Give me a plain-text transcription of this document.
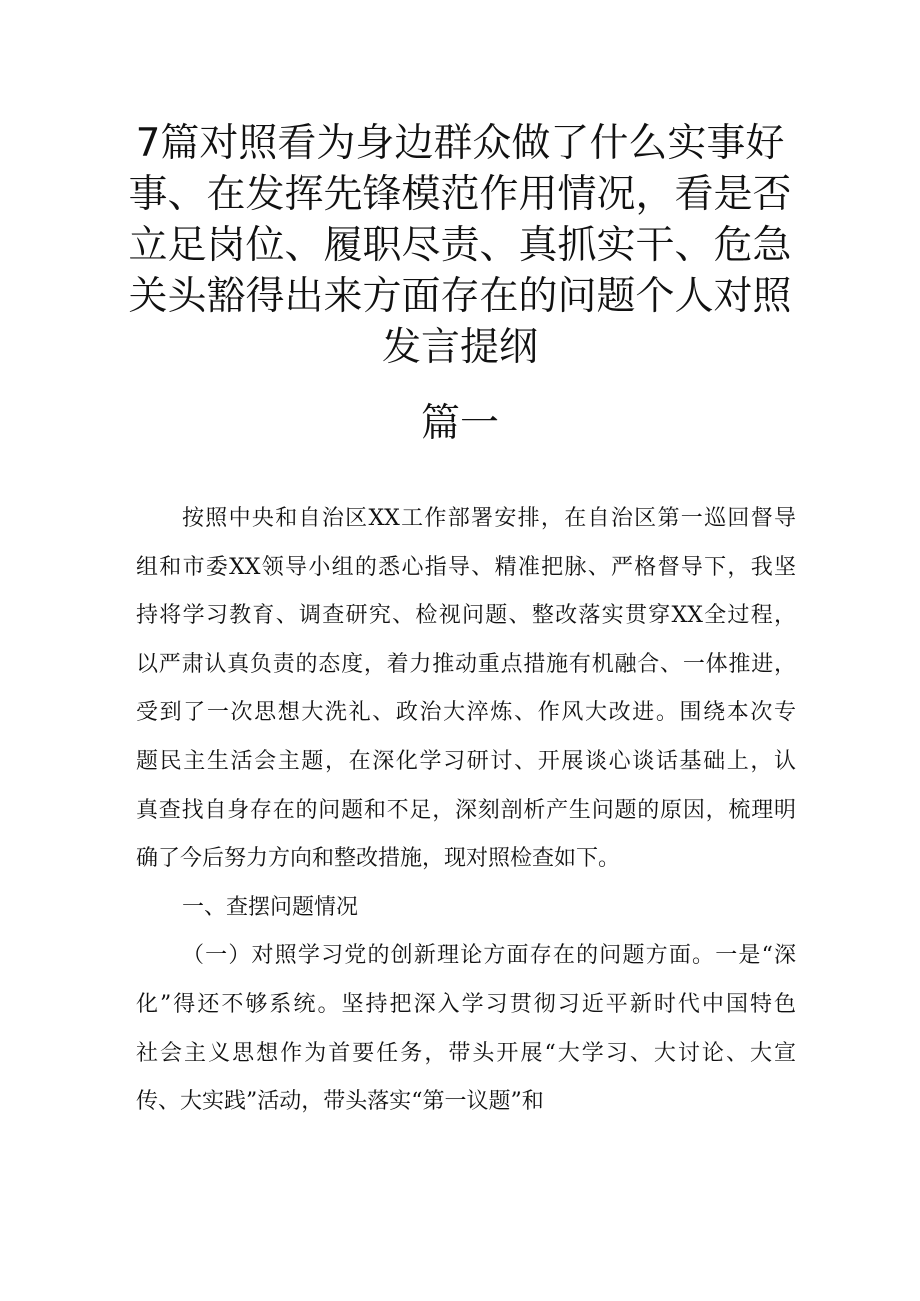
7篇对照看为身边群众做了什么实事好
事、在发挥先锋模范作用情况，看是否
立足岗位、履职尽责、真抓实干、危急
关头豁得出来方面存在的问题个人对照
发言提纲
篇一
按照中央和自治区XX工作部署安排，在自治区第一巡回督导
组和市委XX领导小组的悉心指导、精准把脉、严格督导下，我坚
持将学习教育、调查研究、检视问题、整改落实贯穿XX全过程，
以严肃认真负责的态度，着力推动重点措施有机融合、一体推进，
受到了一次思想大洗礼、政治大淬炼、作风大改进。围绕本次专
题民主生活会主题，在深化学习研讨、开展谈心谈话基础上，认
真查找自身存在的问题和不足，深刻剖析产生问题的原因，梳理明
确了今后努力方向和整改措施，现对照检查如下。
一、查摆问题情况
（一）对照学习党的创新理论方面存在的问题方面。一是“深
化”得还不够系统。坚持把深入学习贯彻习近平新时代中国特色
社会主义思想作为首要任务，带头开展“大学习、大讨论、大宣
传、大实践”活动，带头落实“第一议题”和
